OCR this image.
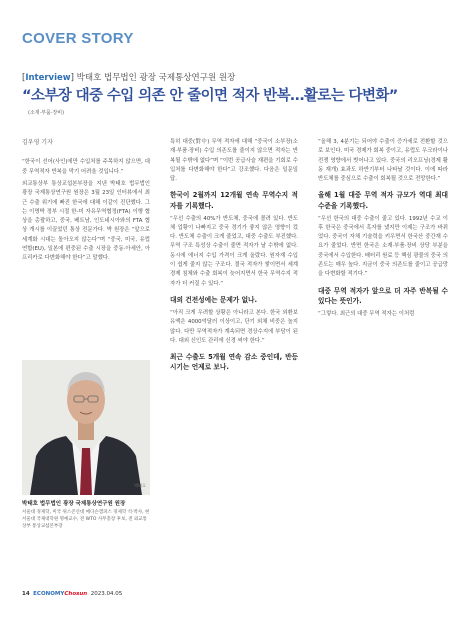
COVER STORY
[Interview] 박태호 법무법인 광장 국제통상연구원 원장
“소부장 대중 수입 의존 안 줄이면 적자 반복…활로는 다변화”
(소재·부품·장비)
김우영 기자

“한국이 선어(사인)에만 수입처를 주목하지 않으면, 대중 무역적자 반복을 막기 어려울 것입니다.”

외교통상부 통상교섭본부장을 지낸 박태호 법무법인 광장 국제통상연구원 원장은 3월 23일 인터뷰에서 최근 수출 위기에 빠진 한국에 대해 이같이 진단했다. 그는 이명박 정부 시절 한-미 자유무역협정(FTA) 이행 협상을 총괄하고, 중국, 베트남, 인도네시아와의 FTA 협상 개시를 이끌었던 통상 전문가다. 박 원장은 “앞으로 세계화 시대는 돌아오지 않는다”며 “중국, 미국, 유럽연합(EU), 일본에 편중된 수출 시장을 중동·아세안, 아프리카로 다변화해야 한다”고 말했다.

박태호
박태호 법무법인 광장 국제통상연구원 원장
서울대 경제학, 미국 위스콘신대 매디슨캠퍼스 경제학 석·박사, 현 서울대 국제대학원 명예교수, 전 WTO 사무총장 후보, 전 외교통상부 통상교섭본부장

특히 대중(對中) 무역 적자에 대해 “중국이 소부장(소재·부품·장비) 수입 의존도를 줄이지 않으면 적자는 반복될 수밖에 없다”며 “이번 공급사슬 재편을 기회로 수입처를 다변화해야 한다”고 강조했다. 다음은 일문일답.

한국이 2월까지 12개월 연속 무역수지 적자를 기록했다.

“우선 수출의 40%가 반도체, 중국에 몰려 있다. 반도체 업황이 나빠지고 중국 경기가 좋지 않은 영향이 컸다. 반도체 수출이 크게 줄었고, 대중 수출도 부진했다. 무역 구조 특성상 수출이 줄면 적자가 날 수밖에 없다. 동시에 에너지 수입 가격이 크게 올랐다. 원자재 수입이 쉽게 줄지 않는 구조다. 결국 적자가 쌓이면서 세계 경제 침체와 수출 회복이 늦어지면서 한국 무역수지 적자가 더 커질 수 있다.”

대외 건전성에는 문제가 없나.

“아직 크게 우려할 상황은 아니라고 본다. 한국 외환보유액은 4000억달러 이상이고, 단기 외채 비중은 높지 않다. 다만 무역적자가 계속되면 경상수지에 부담이 된다. 대외 신인도 관리에 신경 써야 한다.”

최근 수출도 5개월 연속 감소 중인데, 반등 시기는 언제로 보나.

“올해 3, 4분기는 되어야 수출이 증가세로 전환할 것으로 보인다. 미국 경제가 회복 중이고, 유럽도 우크라이나 전쟁 영향에서 벗어나고 있다. 중국의 리오프닝(경제 활동 재개) 효과도 하반기부터 나타날 것이다. 이에 따라 반도체를 중심으로 수출이 회복될 것으로 전망한다.”

올해 1월 대중 무역 적자 규모가 역대 최대 수준을 기록했다.

“우선 한국의 대중 수출이 줄고 있다. 1992년 수교 이후 한국은 중국에서 흑자를 냈지만 이제는 구조가 바뀌었다. 중국이 자체 기술력을 키우면서 한국산 중간재 수요가 줄었다. 반면 한국은 소재·부품·장비 상당 부분을 중국에서 수입한다. 배터리 원료 등 핵심 광물의 중국 의존도는 매우 높다. 지금이 중국 의존도를 줄이고 공급망을 다변화할 적기다.”

대중 무역 적자가 앞으로 더 자주 반복될 수 있다는 뜻인가.

“그렇다. 최근의 대중 무역 적자는 이처럼

14 ECONOMYChosun 2023.04.05
